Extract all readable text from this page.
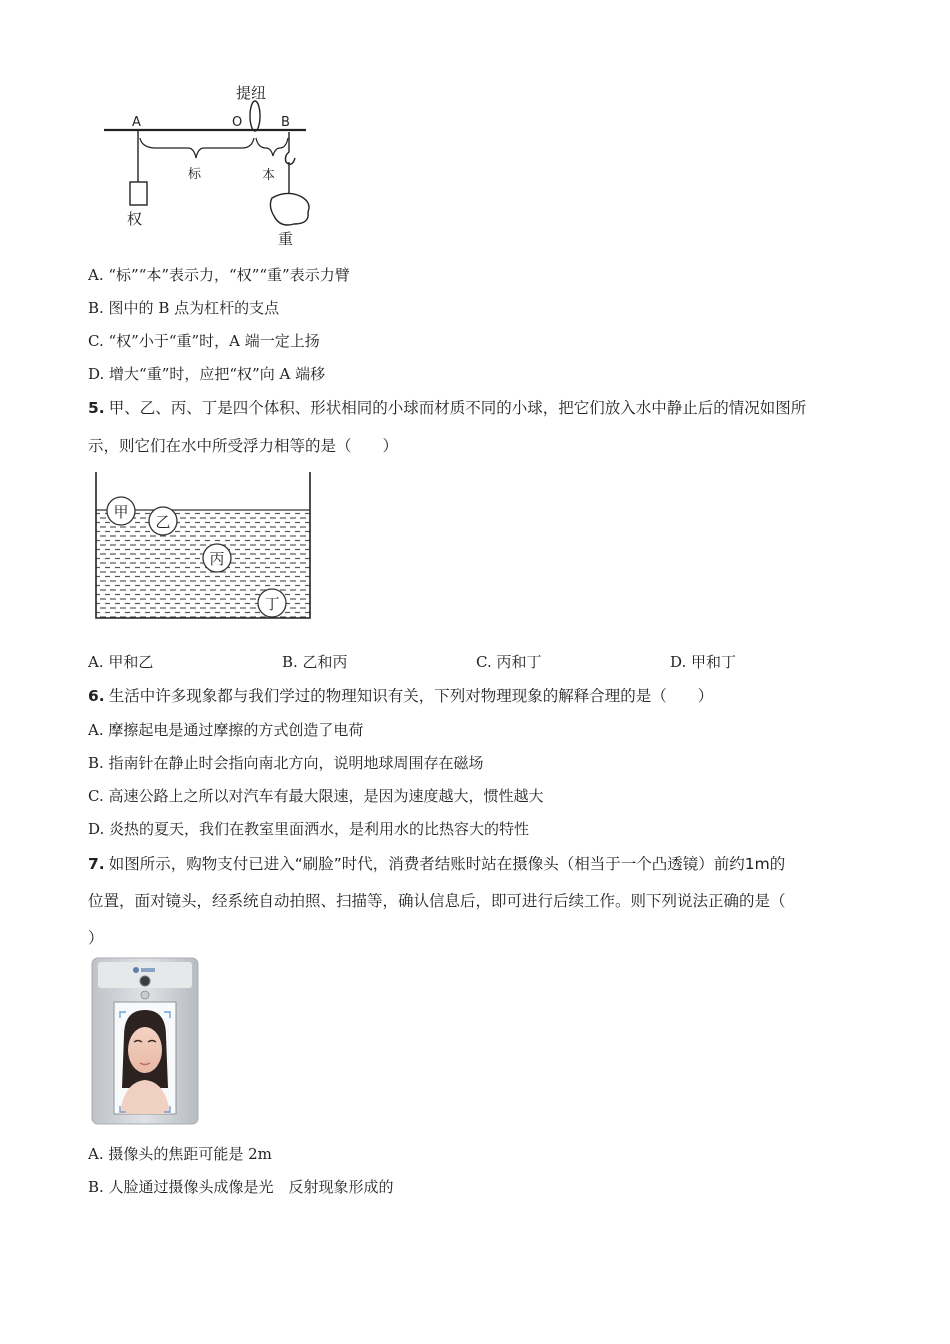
提纽
A	O	B
权
标	本
重
A. “标”“本”表示力，“权”“重”表示力臂
B. 图中的 B 点为杠杆的支点
C. “权”小于“重”时，A 端一定上扬
D. 增大“重”时，应把“权”向 A 端移
5. 甲、乙、丙、丁是四个体积、形状相同的小球而材质不同的小球，把它们放入水中静止后的情况如图所
示，则它们在水中所受浮力相等的是（　　）
甲
乙
丙
丁
A. 甲和乙	B. 乙和丙	C. 丙和丁	D. 甲和丁
6. 生活中许多现象都与我们学过的物理知识有关，下列对物理现象的解释合理的是（　　）
A. 摩擦起电是通过摩擦的方式创造了电荷
B. 指南针在静止时会指向南北方向，说明地球周围存在磁场
C. 高速公路上之所以对汽车有最大限速，是因为速度越大，惯性越大
D. 炎热的夏天，我们在教室里面洒水，是利用水的比热容大的特性
7. 如图所示，购物支付已进入“刷脸”时代，消费者结账时站在摄像头（相当于一个凸透镜）前约1m的
位置，面对镜头，经系统自动拍照、扫描等，确认信息后，即可进行后续工作。则下列说法正确的是（
）
A. 摄像头的焦距可能是 2m
B. 人脸通过摄像头成像是光　反射现象形成的
